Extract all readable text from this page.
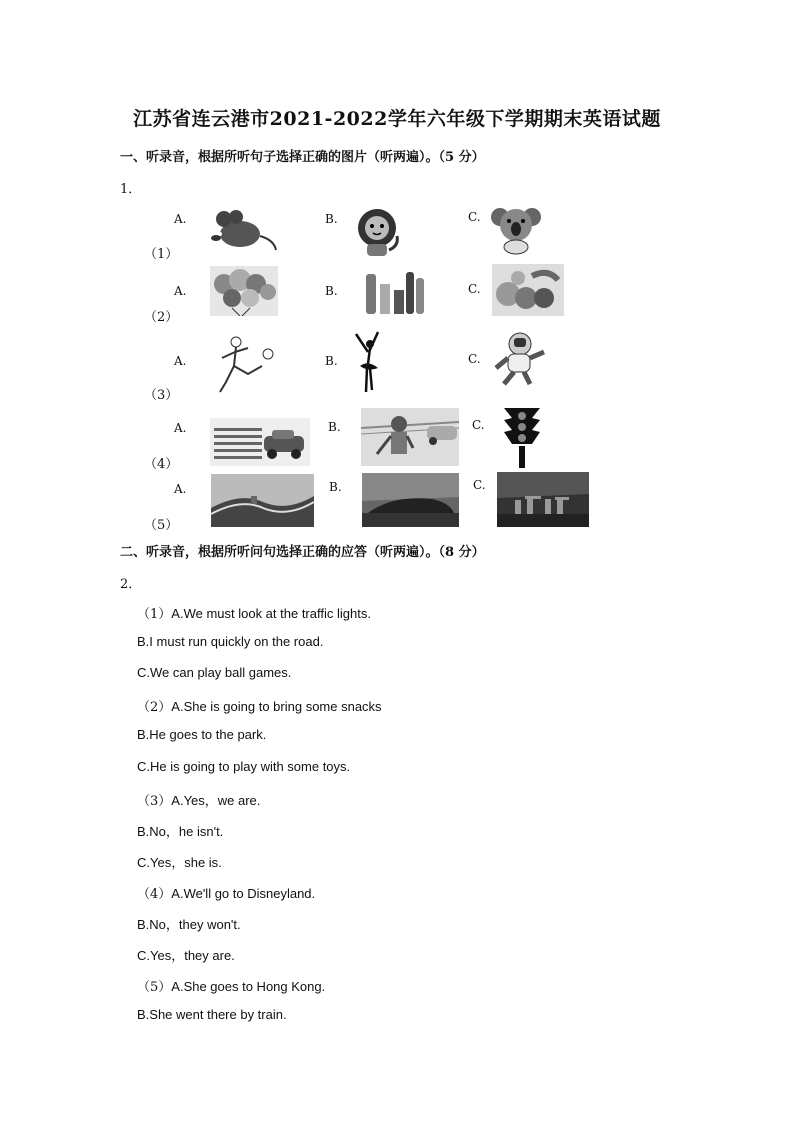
江苏省连云港市2021-2022学年六年级下学期期末英语试题
一、听录音，根据所听句子选择正确的图片（听两遍）。（5 分）
1．
（1）
（2）
（3）
（4）
（5）
A.	B.	C.
A.	B.	C.
A.	B.	C.
A.	B.	C.
A.	B.	C.
二、听录音，根据所听问句选择正确的应答（听两遍）。（8 分）
2．
（1）A.We must look at the traffic lights.
B.I must run quickly on the road.
C.We can play ball games.
（2）A.She is going to bring some snacks
B.He goes to the park.
C.He is going to play with some toys.
（3）A.Yes，we are.
B.No，he isn't.
C.Yes，she is.
（4）A.We'll go to Disneyland.
B.No，they won't.
C.Yes，they are.
（5）A.She goes to Hong Kong.
B.She went there by train.
